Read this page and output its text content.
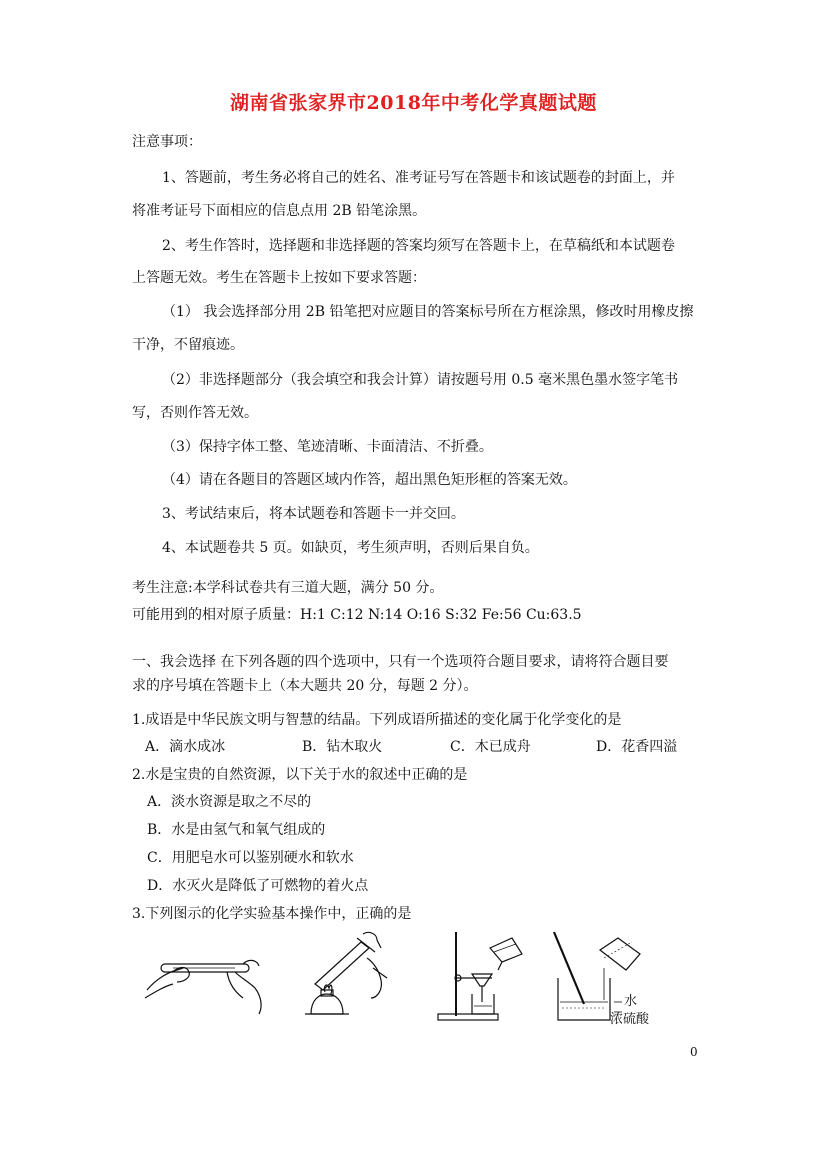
湖南省张家界市2018年中考化学真题试题
注意事项：
1、答题前，考生务必将自己的姓名、准考证号写在答题卡和该试题卷的封面上，并
将准考证号下面相应的信息点用 2B 铅笔涂黑。
2、考生作答时，选择题和非选择题的答案均须写在答题卡上，在草稿纸和本试题卷
上答题无效。考生在答题卡上按如下要求答题：
（1） 我会选择部分用 2B 铅笔把对应题目的答案标号所在方框涂黑，修改时用橡皮擦
干净，不留痕迹。
（2）非选择题部分（我会填空和我会计算）请按题号用 0.5 毫米黑色墨水签字笔书
写，否则作答无效。
（3）保持字体工整、笔迹清晰、卡面清洁、不折叠。
（4）请在各题目的答题区域内作答，超出黑色矩形框的答案无效。
3、考试结束后，将本试题卷和答题卡一并交回。
4、本试题卷共 5 页。如缺页，考生须声明，否则后果自负。
考生注意:本学科试卷共有三道大题，满分 50 分。
可能用到的相对原子质量：H:1 C:12 N:14 O:16 S:32 Fe:56 Cu:63.5
一、我会选择 在下列各题的四个选项中，只有一个选项符合题目要求，请将符合题目要
求的序号填在答题卡上（本大题共 20 分，每题 2 分）。
1.成语是中华民族文明与智慧的结晶。下列成语所描述的变化属于化学变化的是
A．滴水成冰	B．钻木取火	C．木已成舟	D．花香四溢
2.水是宝贵的自然资源，以下关于水的叙述中正确的是
A．淡水资源是取之不尽的
B．水是由氢气和氧气组成的
C．用肥皂水可以鉴别硬水和软水
D．水灭火是降低了可燃物的着火点
3.下列图示的化学实验基本操作中，正确的是
水
浓硫酸
0
